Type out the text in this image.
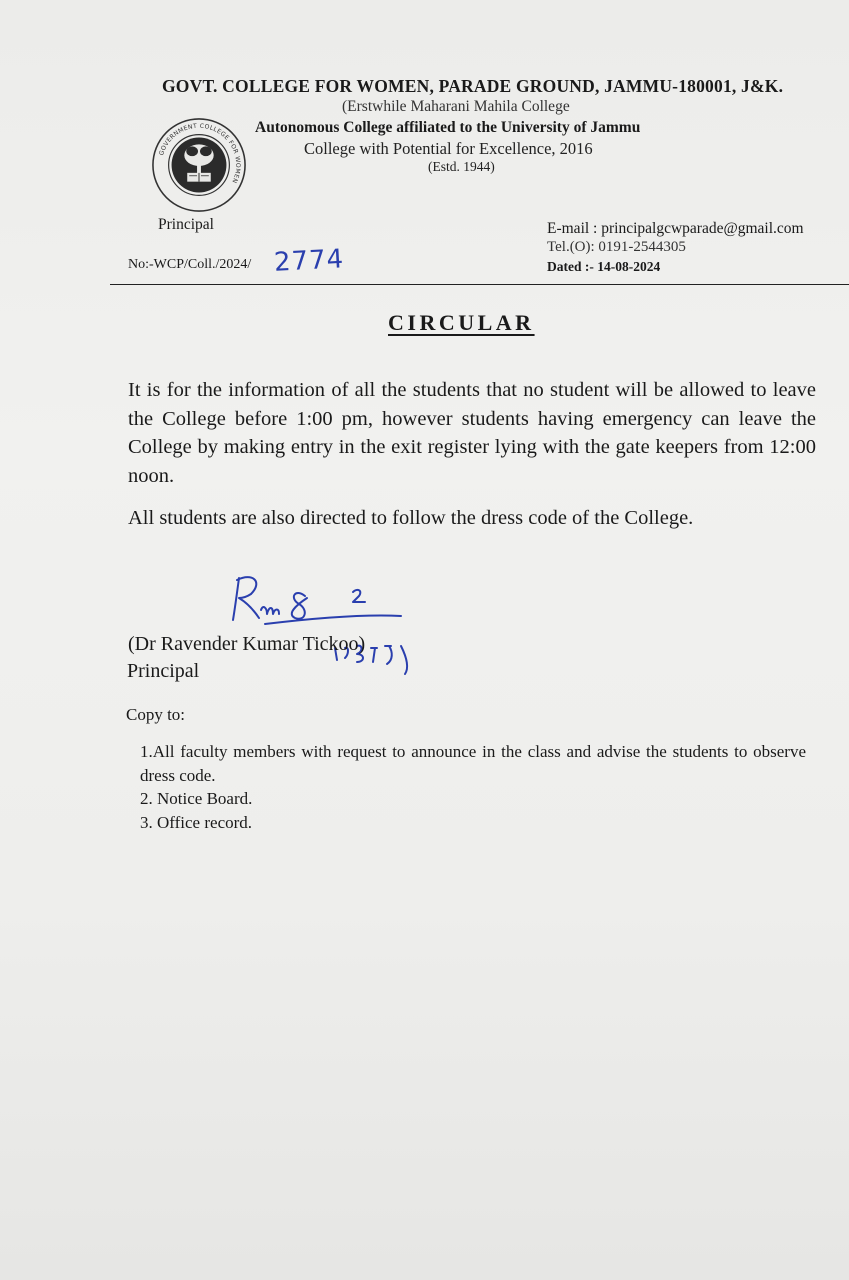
GOVT. COLLEGE FOR WOMEN, PARADE GROUND, JAMMU-180001, J&K.
(Erstwhile Maharani Mahila College
Autonomous College affiliated to the University of Jammu
College with Potential for Excellence, 2016
(Estd. 1944)
GOVERNMENT COLLEGE FOR WOMEN
Principal	E-mail : principalgcwparade@gmail.com
Tel.(O): 0191-2544305
Dated :- 14-08-2024
No:-WCP/Coll./2024/ 2774
CIRCULAR
It is for the information of all the students that no student will be allowed to leave the College before 1:00 pm, however students having emergency can leave the College by making entry in the exit register lying with the gate keepers from 12:00 noon.
All students are also directed to follow the dress code of the College.
(Dr Ravender Kumar Tickoo)
Principal
Copy to:
1.All faculty members with request to announce in the class and advise the students to observe dress code.
2. Notice Board.
3. Office record.
